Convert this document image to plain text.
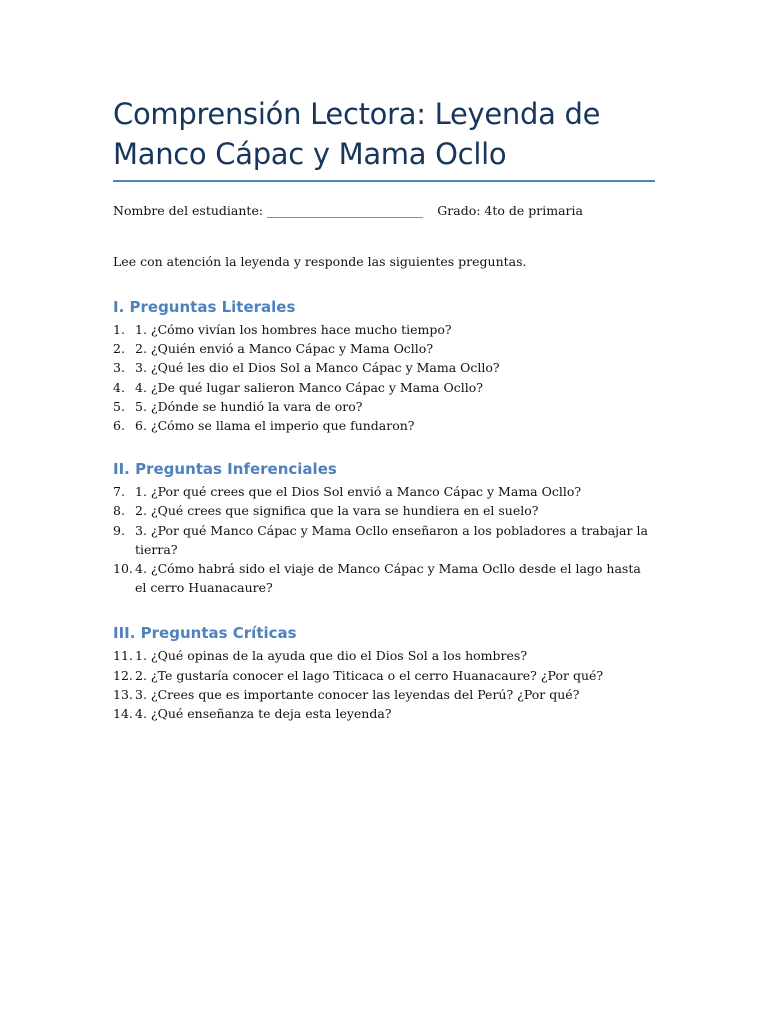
Comprensión Lectora: Leyenda de Manco Cápac y Mama Ocllo
Nombre del estudiante: _________________________ Grado: 4to de primaria
Lee con atención la leyenda y responde las siguientes preguntas.
I. Preguntas Literales
1. 1. ¿Cómo vivían los hombres hace mucho tiempo?
2. 2. ¿Quién envió a Manco Cápac y Mama Ocllo?
3. 3. ¿Qué les dio el Dios Sol a Manco Cápac y Mama Ocllo?
4. 4. ¿De qué lugar salieron Manco Cápac y Mama Ocllo?
5. 5. ¿Dónde se hundió la vara de oro?
6. 6. ¿Cómo se llama el imperio que fundaron?
II. Preguntas Inferenciales
7. 1. ¿Por qué crees que el Dios Sol envió a Manco Cápac y Mama Ocllo?
8. 2. ¿Qué crees que significa que la vara se hundiera en el suelo?
9. 3. ¿Por qué Manco Cápac y Mama Ocllo enseñaron a los pobladores a trabajar la tierra?
10. 4. ¿Cómo habrá sido el viaje de Manco Cápac y Mama Ocllo desde el lago hasta el cerro Huanacaure?
III. Preguntas Críticas
11. 1. ¿Qué opinas de la ayuda que dio el Dios Sol a los hombres?
12. 2. ¿Te gustaría conocer el lago Titicaca o el cerro Huanacaure? ¿Por qué?
13. 3. ¿Crees que es importante conocer las leyendas del Perú? ¿Por qué?
14. 4. ¿Qué enseñanza te deja esta leyenda?
